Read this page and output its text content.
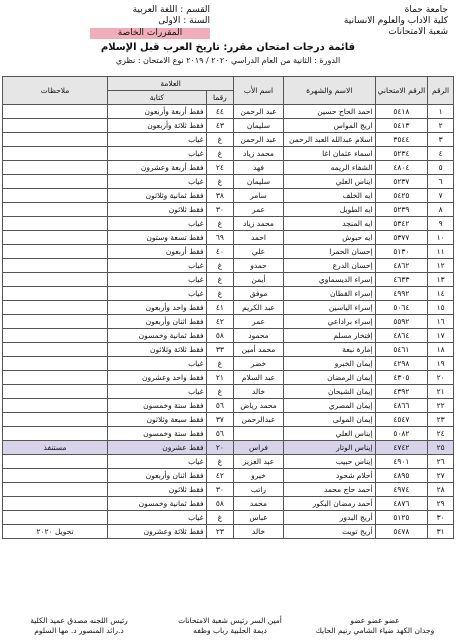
جامعة حماة
كلية الاداب والعلوم الانسانية
شعبة الامتحانات
القسم : اللغة العربية
السنة : الاولى
المقررات الخاصة
قائمة درجات امتحان مقرر: تاريخ العرب قبل الإسلام
الدورة : الثانية من العام الدراسي ٢٠٢٠ / ٢٠١٩ نوع الامتحان : نظري
الرقم	الرقم الامتحاني	الاسم والشهرة	اسم الأب	العلامة		ملاحظات
				رقما	كتابة	
١	٥٤١٨	احمد الحاج حسين	عبد الرحمن	٤٤	فقط أربعة وأربعون	
٢	٥٤١٣	اريج المواس	سليمان	٤٣	فقط ثلاثة وأربعون	
٣	٣٥٤٤	اسلام عبدالله العبد الرحمن	عبد الرحمن	غ	غياب	
٤	٥٢٣٤	اسماء عثمان اغا	محمد زياد	غ	غياب	
٥	٤٨٠٤	الشفاء الريمه	فهد	٢٤	فقط أربعة وعشرون	
٦	٥٢٣٧	ايناس العلي	سليمان	غ	غياب	
٧	٥٤٢٥	ايه الخلف	سامر	٣٨	فقط ثمانية وثلاثون	
٨	٥٢٣٩	ايه الطويل	عمر	٣٠	فقط ثلاثون	
٩	٥٣٤٢	ايه المنجد	محمد زياد	غ	غياب	
١٠	٥٣٧٧	ايه حبوش	احمد	٦٩	فقط تسعة وستون	
١١	٥١٣٠	إحسان الحمرا	علي	٤٠	فقط أربعون	
١٢	٤٨٦٢	إحسان الدرع	حمدو	غ	غياب	
١٣	٤٦٣٣	إسراء الديسماوي	أيمن	غ	غياب	
١٤	٤٩٩٢	إسراء القطان	موفق	غ	غياب	
١٥	٥٠٦٤	إسراء الياسين	عبد الكريم	٤١	فقط واحد وأربعون	
١٦	٥٥٩٢	إسراء براداعي	عمر	٤٢	فقط اثنان وأربعون	
١٧	٤٨٦٤	إفتخار مسلم	محمود	٥٨	فقط ثمانية وخمسون	
١٨	٥٤٦١	إمارة نبعة	محمد أمين	٣٣	فقط ثلاثة وثلاثون	
١٩	٤٢٩٨	إيمان الخبرو	خضر	غ	غياب	
٢٠	٤٣٠٥	إيمان الرمضان	عبد السلام	٢١	فقط واحد وعشرون	
٢١	٤٣٩٢	إيمان الشيحان	خالد	غ	غياب	
٢٢	٤٨٦٦	إيمان المصري	محمد رياض	٥٦	فقط ستة وخمسون	
٢٣	٤٥٤٧	إيمان المولى	عبدالرحمن	٣٧	فقط سبعة وثلاثون	
٢٤	٥٠٨٢	إيناس العلي		٥٦	فقط ستة وخمسون	
٢٥	٤٧٤٢	إيناس الوتار	فراس	٢٠	فقط عشرون	مستنفذ
٢٦	٤٩٠١	إيناس حبيب	عبد العزيز	غ	غياب	
٢٧	٤٨٩٥	أحلام شحود	خيرو	٤٢	فقط اثنان وأربعون	
٢٨	٤٩٧٤	أحمد حاج محمد	راتب	٣٠	فقط ثلاثون	
٢٩	٤٨٧٦	أحمد رمضان البكور	محمد	٥٨	فقط ثمانية وخمسون	
٣٠	٥١٢٥	أريج البدور	عباس	غ	غياب	
٣١	٥٤٧٨	أريج تويت	خالد	٢٣	فقط ثلاثة وعشرون	تحويل ٢٠٢٠
عضو عضو عضو
وجدان الكهد ضياء الشامي رنيم الحايك
أمين السر رئيس شعبة الامتحانات
ديمة الحلبية رباب وظفه
رئيس اللجنه مصدق عميد الكلية
د.رائد المنصور د. مها السلوم
